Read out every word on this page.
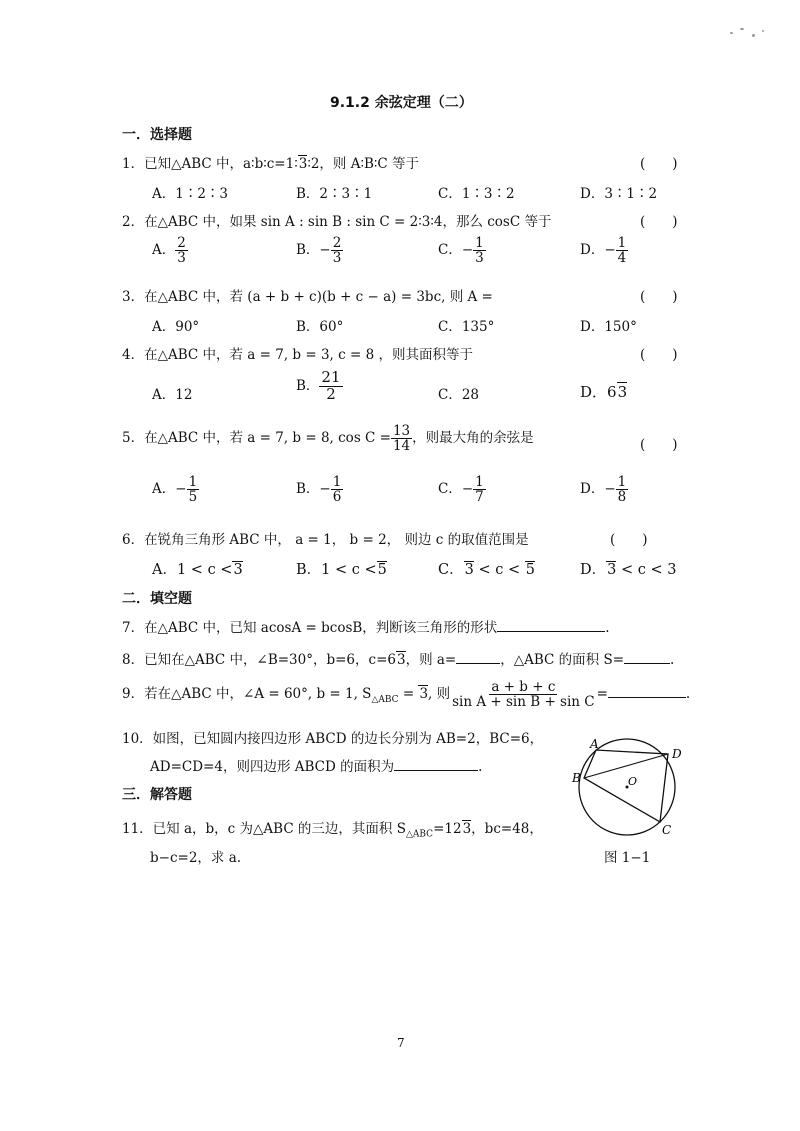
9.1.2 余弦定理（二）
一．选择题
1．已知△ABC 中，a∶b∶c=1∶3∶2，则 A∶B∶C 等于	(　　)
A．1∶2∶3	B．2∶3∶1	C．1∶3∶2	D．3∶1∶2
2．在△ABC 中，如果 sin A : sin B : sin C = 2∶3∶4，那么 cosC 等于	(　　)
A． $\frac{2}{3}$	B．− $\frac{2}{3}$	C．− $\frac{1}{3}$	D．− $\frac{1}{4}$
3．在△ABC 中，若 (a + b + c)(b + c − a) = 3bc, 则 A =	(　　)
A．90°	B．60°	C．135°	D．150°
4．在△ABC 中，若 a = 7, b = 3, c = 8 ，则其面积等于	(　　)
A．12
B． $\frac{21}{2}$	C．28	D．63
5．在△ABC 中，若 a = 7, b = 8, $\cos C = \frac{13}{14}$ ，则最大角的余弦是	(　　)
A．− $\frac{1}{5}$	B．− $\frac{1}{6}$	C．− $\frac{1}{7}$	D．− $\frac{1}{8}$
6．在锐角三角形 ABC 中， a = 1， b = 2， 则边 c 的取值范围是	(　　)
A．1 < c <3	B．1 < c <5	C．3 < c < 5	D．3 < c < 3
二．填空题
7．在△ABC 中，已知 acosA = bcosB，判断该三角形的形状	.
8．已知在△ABC 中，∠B=30°，b=6，c=63，则 a=	，△ABC 的面积 S=	.
9．若在△ABC 中，∠A = 60°, b = 1, $S_{\triangle ABC} = 3$, 则 $\frac{a + b + c}{\text{sin A + sin B + sin C}}$ =	.
10．如图，已知圆内接四边形 ABCD 的边长分别为 AB=2，BC=6，
AD=CD=4，则四边形 ABCD 的面积为	.
三．解答题
11．已知 a，b，c 为△ABC 的三边，其面积 $S_{\triangle ABC}=123$，bc=48，
b−c=2，求 a.
A
B
C
D
O
图 1−1
7
